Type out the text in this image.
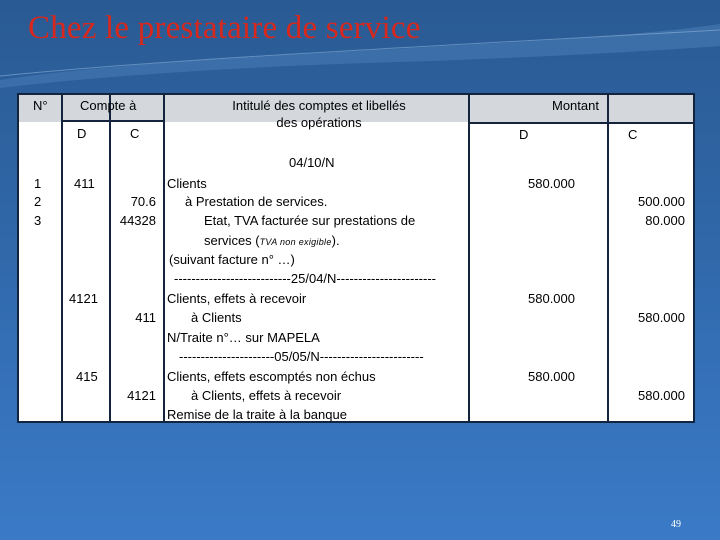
Chez le prestataire de service
N° Compte à
D	C
Intitulé des comptes et libellés
des opérations
Montant
D	C
1
2
3
04/10/N
411
70.6
44328
Clients
à Prestation de services.
Etat, TVA facturée sur prestations de
services (TVA non exigible).
(suivant facture n° …)
580.000
500.000
80.000
---------------------------25/04/N-----------------------
4121
411
Clients, effets à recevoir
à Clients
N/Traite n°… sur MAPELA
580.000
580.000
----------------------05/05/N------------------------
415
4121
Clients, effets escomptés non échus
à Clients, effets à recevoir
Remise de la traite à la banque
580.000
580.000
49
